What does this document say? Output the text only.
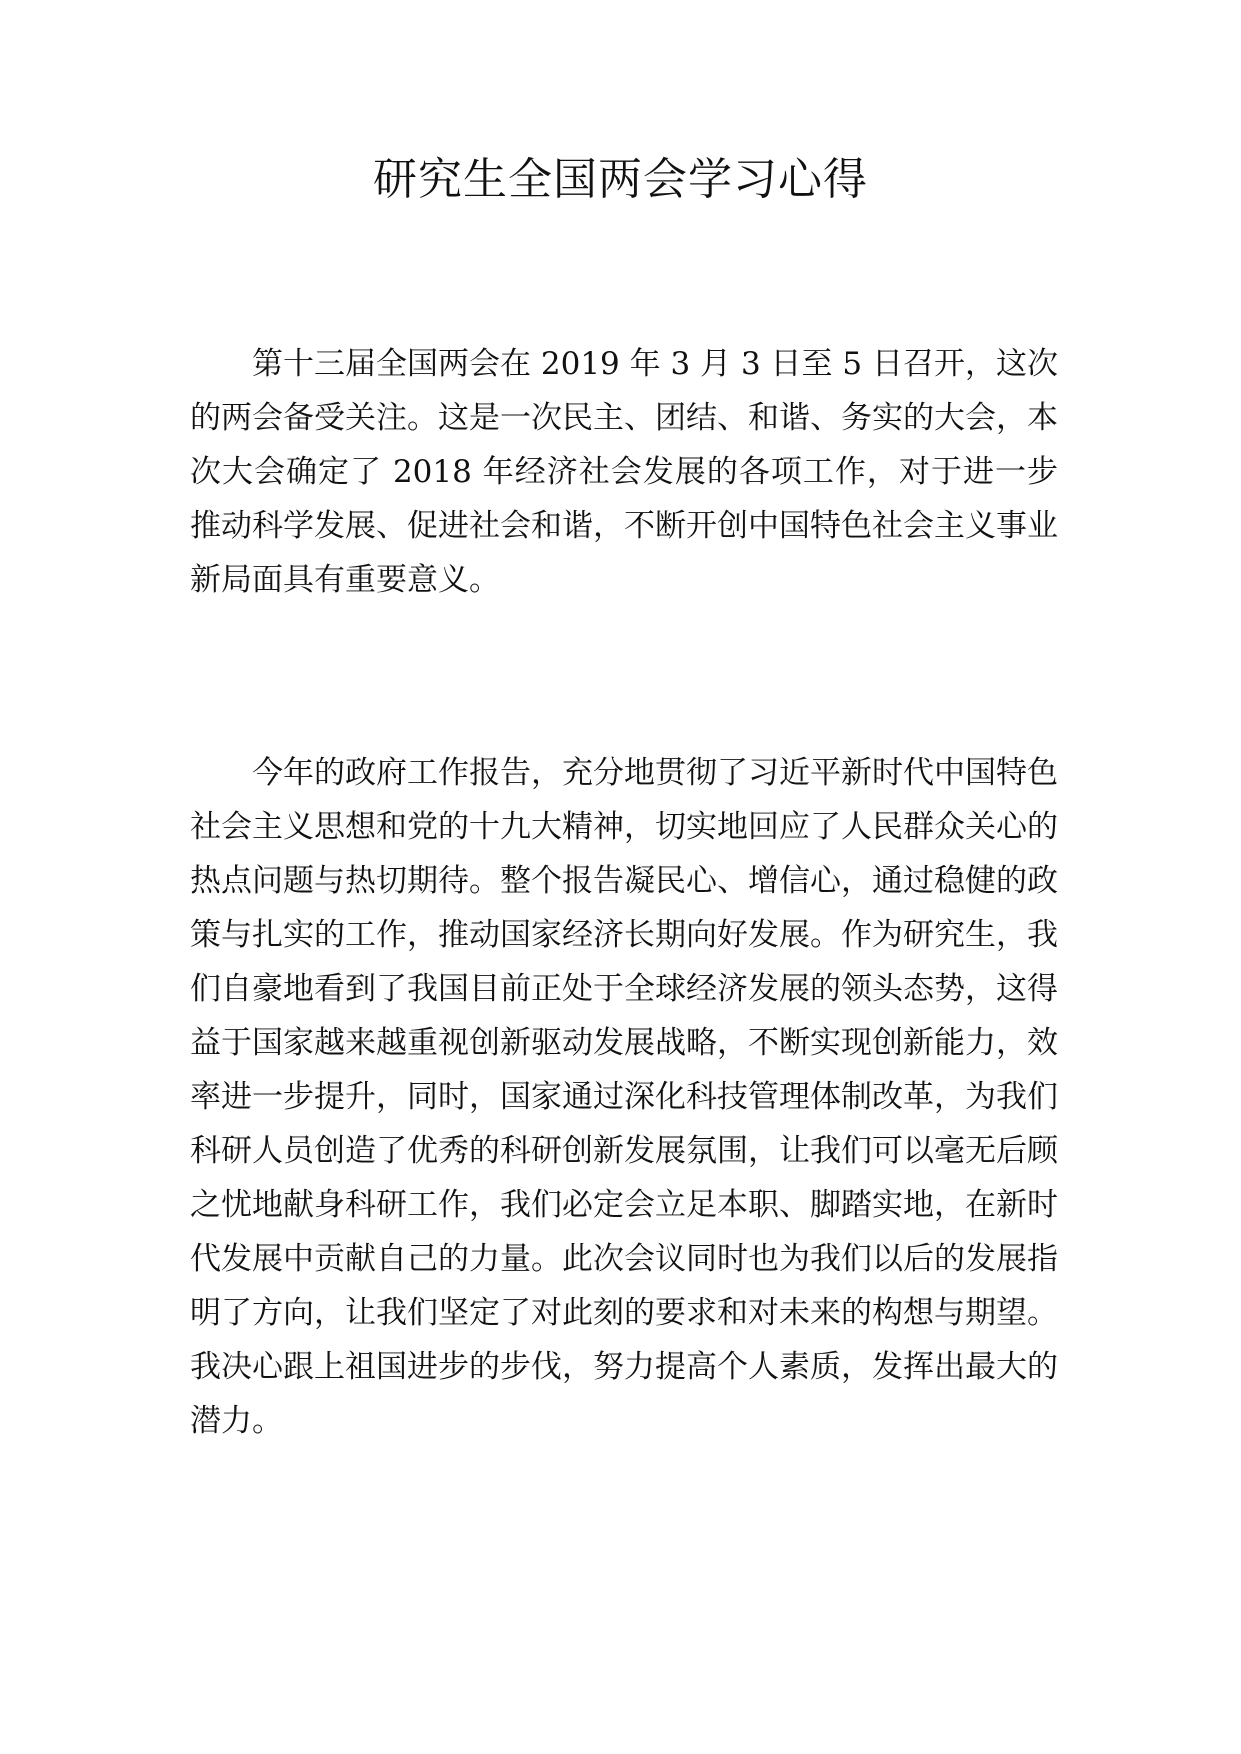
研究生全国两会学习心得

第十三届全国两会在 2019 年 3 月 3 日至 5 日召开，这次的两会备受关注。这是一次民主、团结、和谐、务实的大会，本次大会确定了 2018 年经济社会发展的各项工作，对于进一步推动科学发展、促进社会和谐，不断开创中国特色社会主义事业新局面具有重要意义。

今年的政府工作报告，充分地贯彻了习近平新时代中国特色社会主义思想和党的十九大精神，切实地回应了人民群众关心的热点问题与热切期待。整个报告凝民心、增信心，通过稳健的政策与扎实的工作，推动国家经济长期向好发展。作为研究生，我们自豪地看到了我国目前正处于全球经济发展的领头态势，这得益于国家越来越重视创新驱动发展战略，不断实现创新能力，效率进一步提升，同时，国家通过深化科技管理体制改革，为我们科研人员创造了优秀的科研创新发展氛围，让我们可以毫无后顾之忧地献身科研工作，我们必定会立足本职、脚踏实地，在新时代发展中贡献自己的力量。此次会议同时也为我们以后的发展指明了方向，让我们坚定了对此刻的要求和对未来的构想与期望。我决心跟上祖国进步的步伐，努力提高个人素质，发挥出最大的潜力。
